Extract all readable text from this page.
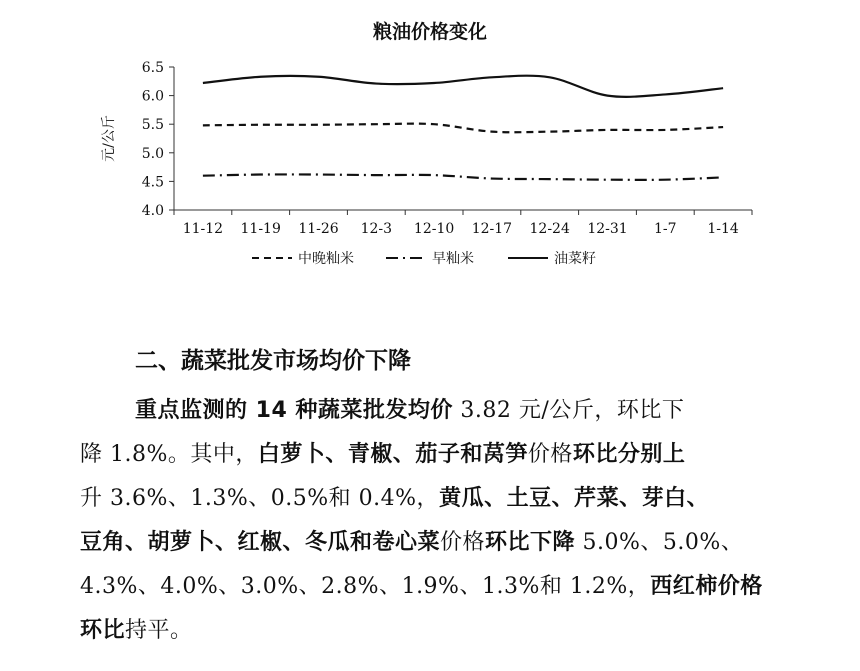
粮油价格变化
元/公斤
4.0
4.5
5.0
5.5
6.0
6.5
11-12 11-19 11-26 12-3 12-10 12-17 12-24 12-31 1-7 1-14
中晚籼米	早籼米	油菜籽
二、蔬菜批发市场均价下降
重点监测的 14 种蔬菜批发均价 3.82 元/公斤，环比下
降 1.8%。其中，白萝卜、青椒、茄子和莴笋价格环比分别上
升 3.6%、1.3%、0.5%和 0.4%，黄瓜、土豆、芹菜、芽白、
豆角、胡萝卜、红椒、冬瓜和卷心菜价格环比下降 5.0%、5.0%、
4.3%、4.0%、3.0%、2.8%、1.9%、1.3%和 1.2%，西红柿价格
环比持平。
